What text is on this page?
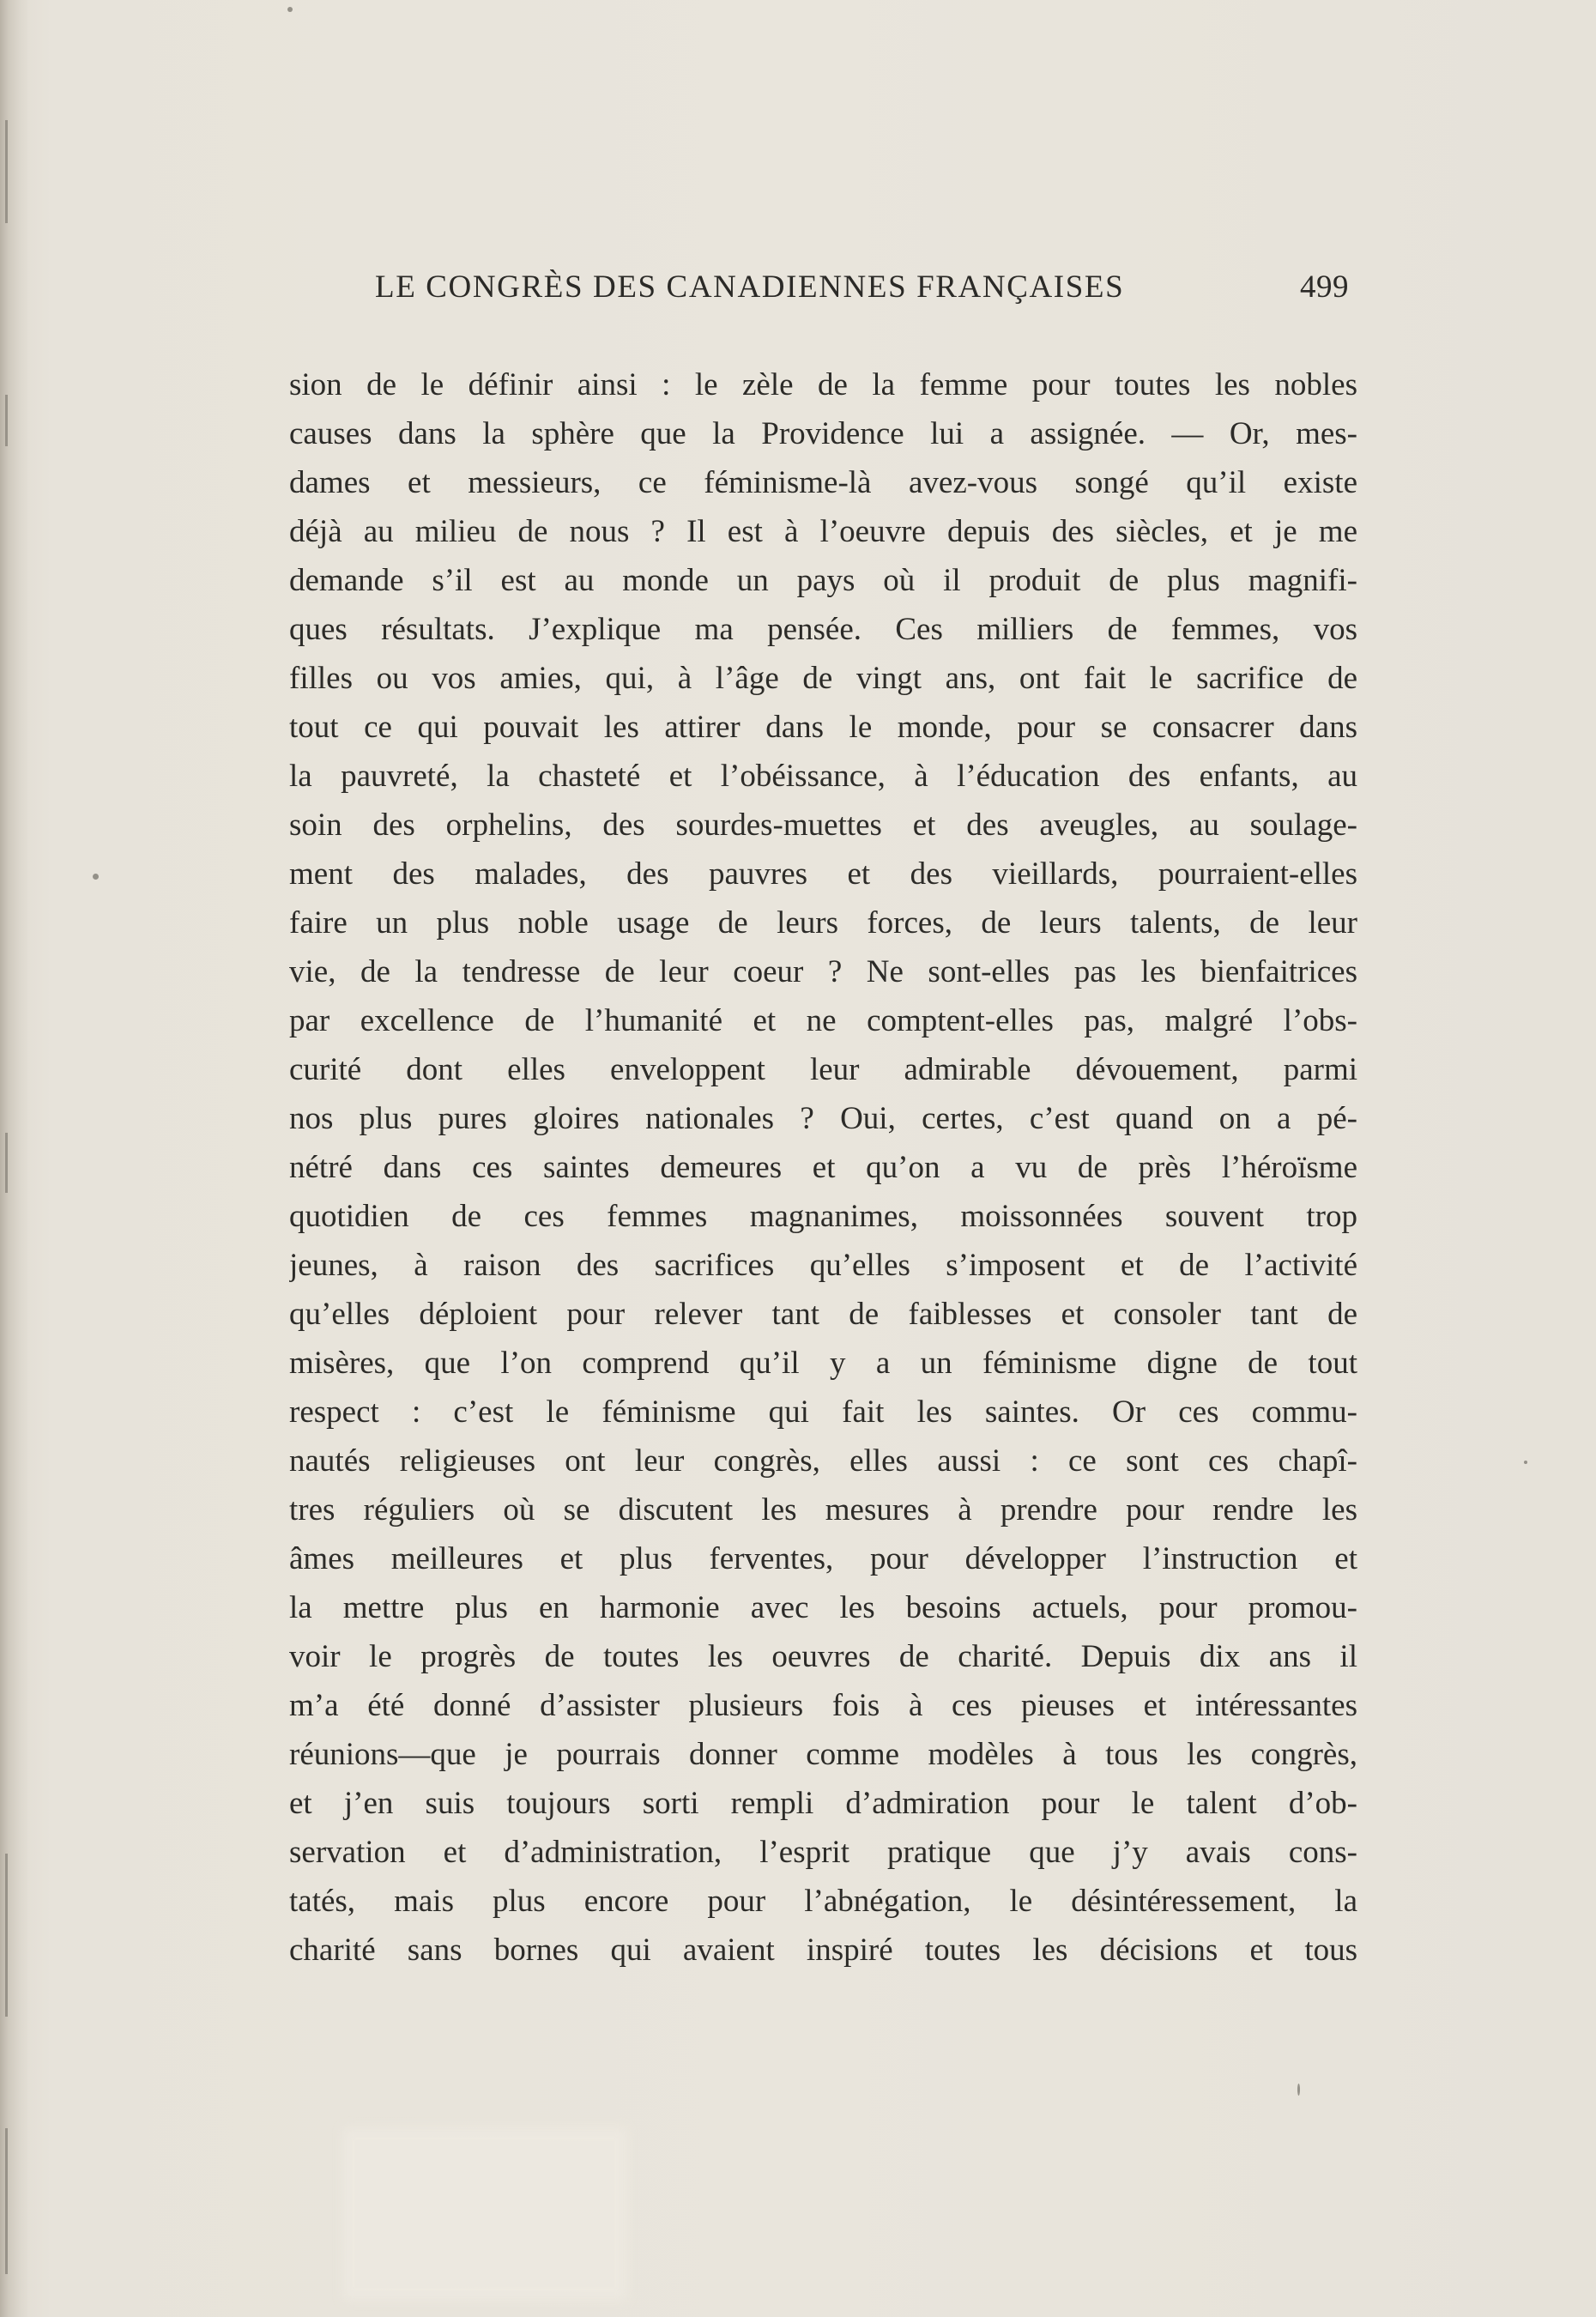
LE CONGRÈS DES CANADIENNES FRANÇAISES	499
sion de le définir ainsi : le zèle de la femme pour toutes les nobles
causes dans la sphère que la Providence lui a assignée. — Or, mes-
dames et messieurs, ce féminisme-là avez-vous songé qu’il existe
déjà au milieu de nous ? Il est à l’oeuvre depuis des siècles, et je me
demande s’il est au monde un pays où il produit de plus magnifi-
ques résultats. J’explique ma pensée. Ces milliers de femmes, vos
filles ou vos amies, qui, à l’âge de vingt ans, ont fait le sacrifice de
tout ce qui pouvait les attirer dans le monde, pour se consacrer dans
la pauvreté, la chasteté et l’obéissance, à l’éducation des enfants, au
soin des orphelins, des sourdes-muettes et des aveugles, au soulage-
ment des malades, des pauvres et des vieillards, pourraient-elles
faire un plus noble usage de leurs forces, de leurs talents, de leur
vie, de la tendresse de leur coeur ? Ne sont-elles pas les bienfaitrices
par excellence de l’humanité et ne comptent-elles pas, malgré l’obs-
curité dont elles enveloppent leur admirable dévouement, parmi
nos plus pures gloires nationales ? Oui, certes, c’est quand on a pé-
nétré dans ces saintes demeures et qu’on a vu de près l’héroïsme
quotidien de ces femmes magnanimes, moissonnées souvent trop
jeunes, à raison des sacrifices qu’elles s’imposent et de l’activité
qu’elles déploient pour relever tant de faiblesses et consoler tant de
misères, que l’on comprend qu’il y a un féminisme digne de tout
respect : c’est le féminisme qui fait les saintes. Or ces commu-
nautés religieuses ont leur congrès, elles aussi : ce sont ces chapî-
tres réguliers où se discutent les mesures à prendre pour rendre les
âmes meilleures et plus ferventes, pour développer l’instruction et
la mettre plus en harmonie avec les besoins actuels, pour promou-
voir le progrès de toutes les oeuvres de charité. Depuis dix ans il
m’a été donné d’assister plusieurs fois à ces pieuses et intéressantes
réunions—que je pourrais donner comme modèles à tous les congrès,
et j’en suis toujours sorti rempli d’admiration pour le talent d’ob-
servation et d’administration, l’esprit pratique que j’y avais cons-
tatés, mais plus encore pour l’abnégation, le désintéressement, la
charité sans bornes qui avaient inspiré toutes les décisions et tous
